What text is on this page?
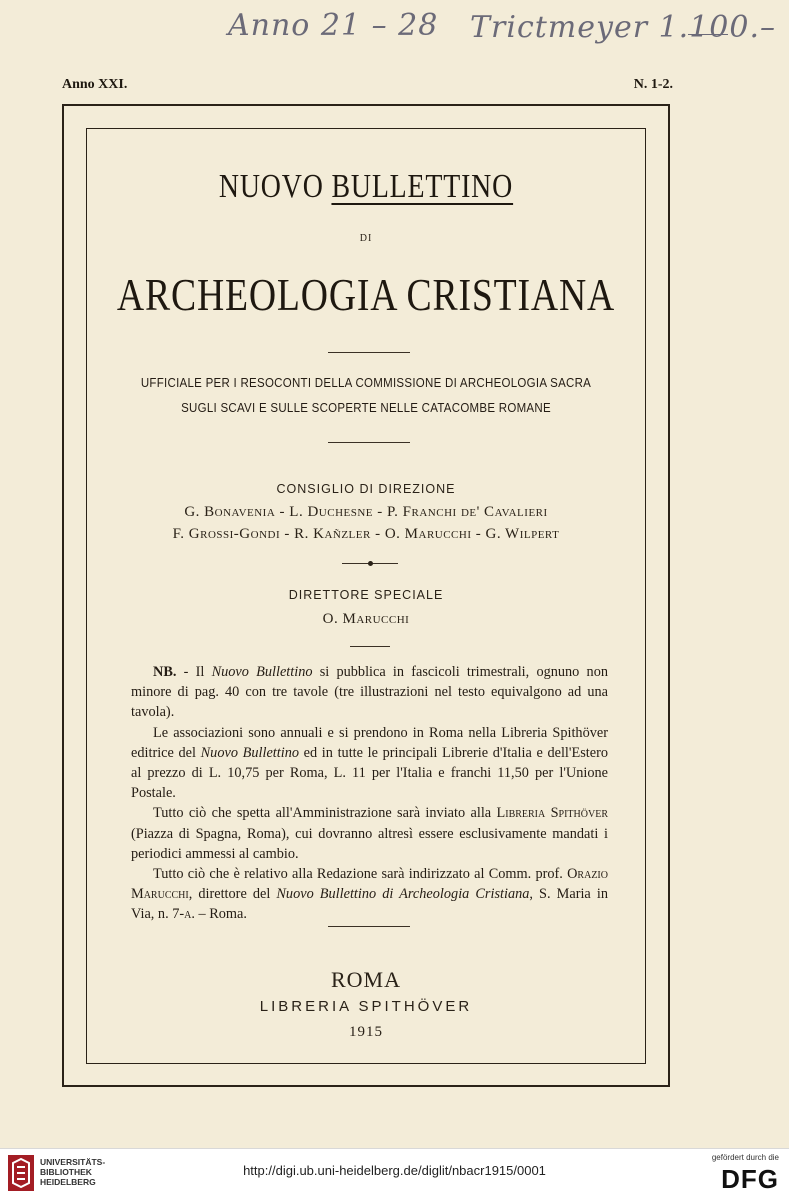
Anno 21 – 28 Trictmeyer 1.100.–
Anno XXI.	N. 1-2.
NUOVO BULLETTINO
DI
ARCHEOLOGIA CRISTIANA
UFFICIALE PER I RESOCONTI DELLA COMMISSIONE DI ARCHEOLOGIA SACRA
SUGLI SCAVI E SULLE SCOPERTE NELLE CATACOMBE ROMANE
CONSIGLIO DI DIREZIONE
G. Bonavenia - L. Duchesne - P. Franchi de' Cavalieri
F. Grossi-Gondi - R. Kañzler - O. Marucchi - G. Wilpert
DIRETTORE SPECIALE
O. Marucchi

NB. - Il Nuovo Bullettino si pubblica in fascicoli trimestrali, ognuno non minore di pag. 40 con tre tavole (tre illustrazioni nel testo equivalgono ad una tavola).

Le associazioni sono annuali e si prendono in Roma nella Libreria Spithöver editrice del Nuovo Bullettino ed in tutte le principali Librerie d'Italia e dell'Estero al prezzo di L. 10,75 per Roma, L. 11 per l'Italia e franchi 11,50 per l'Unione Postale.

Tutto ciò che spetta all'Amministrazione sarà inviato alla Libreria Spithöver (Piazza di Spagna, Roma), cui dovranno altresì essere esclusivamente mandati i periodici ammessi al cambio.

Tutto ciò che è relativo alla Redazione sarà indirizzato al Comm. prof. Orazio Marucchi, direttore del Nuovo Bullettino di Archeologia Cristiana, S. Maria in Via, n. 7-a. – Roma.

ROMA
LIBRERIA SPITHÖVER
1915
UNIVERSITÄTS-
BIBLIOTHEK
HEIDELBERG
http://digi.ub.uni-heidelberg.de/diglit/nbacr1915/0001
gefördert durch die
DFG
